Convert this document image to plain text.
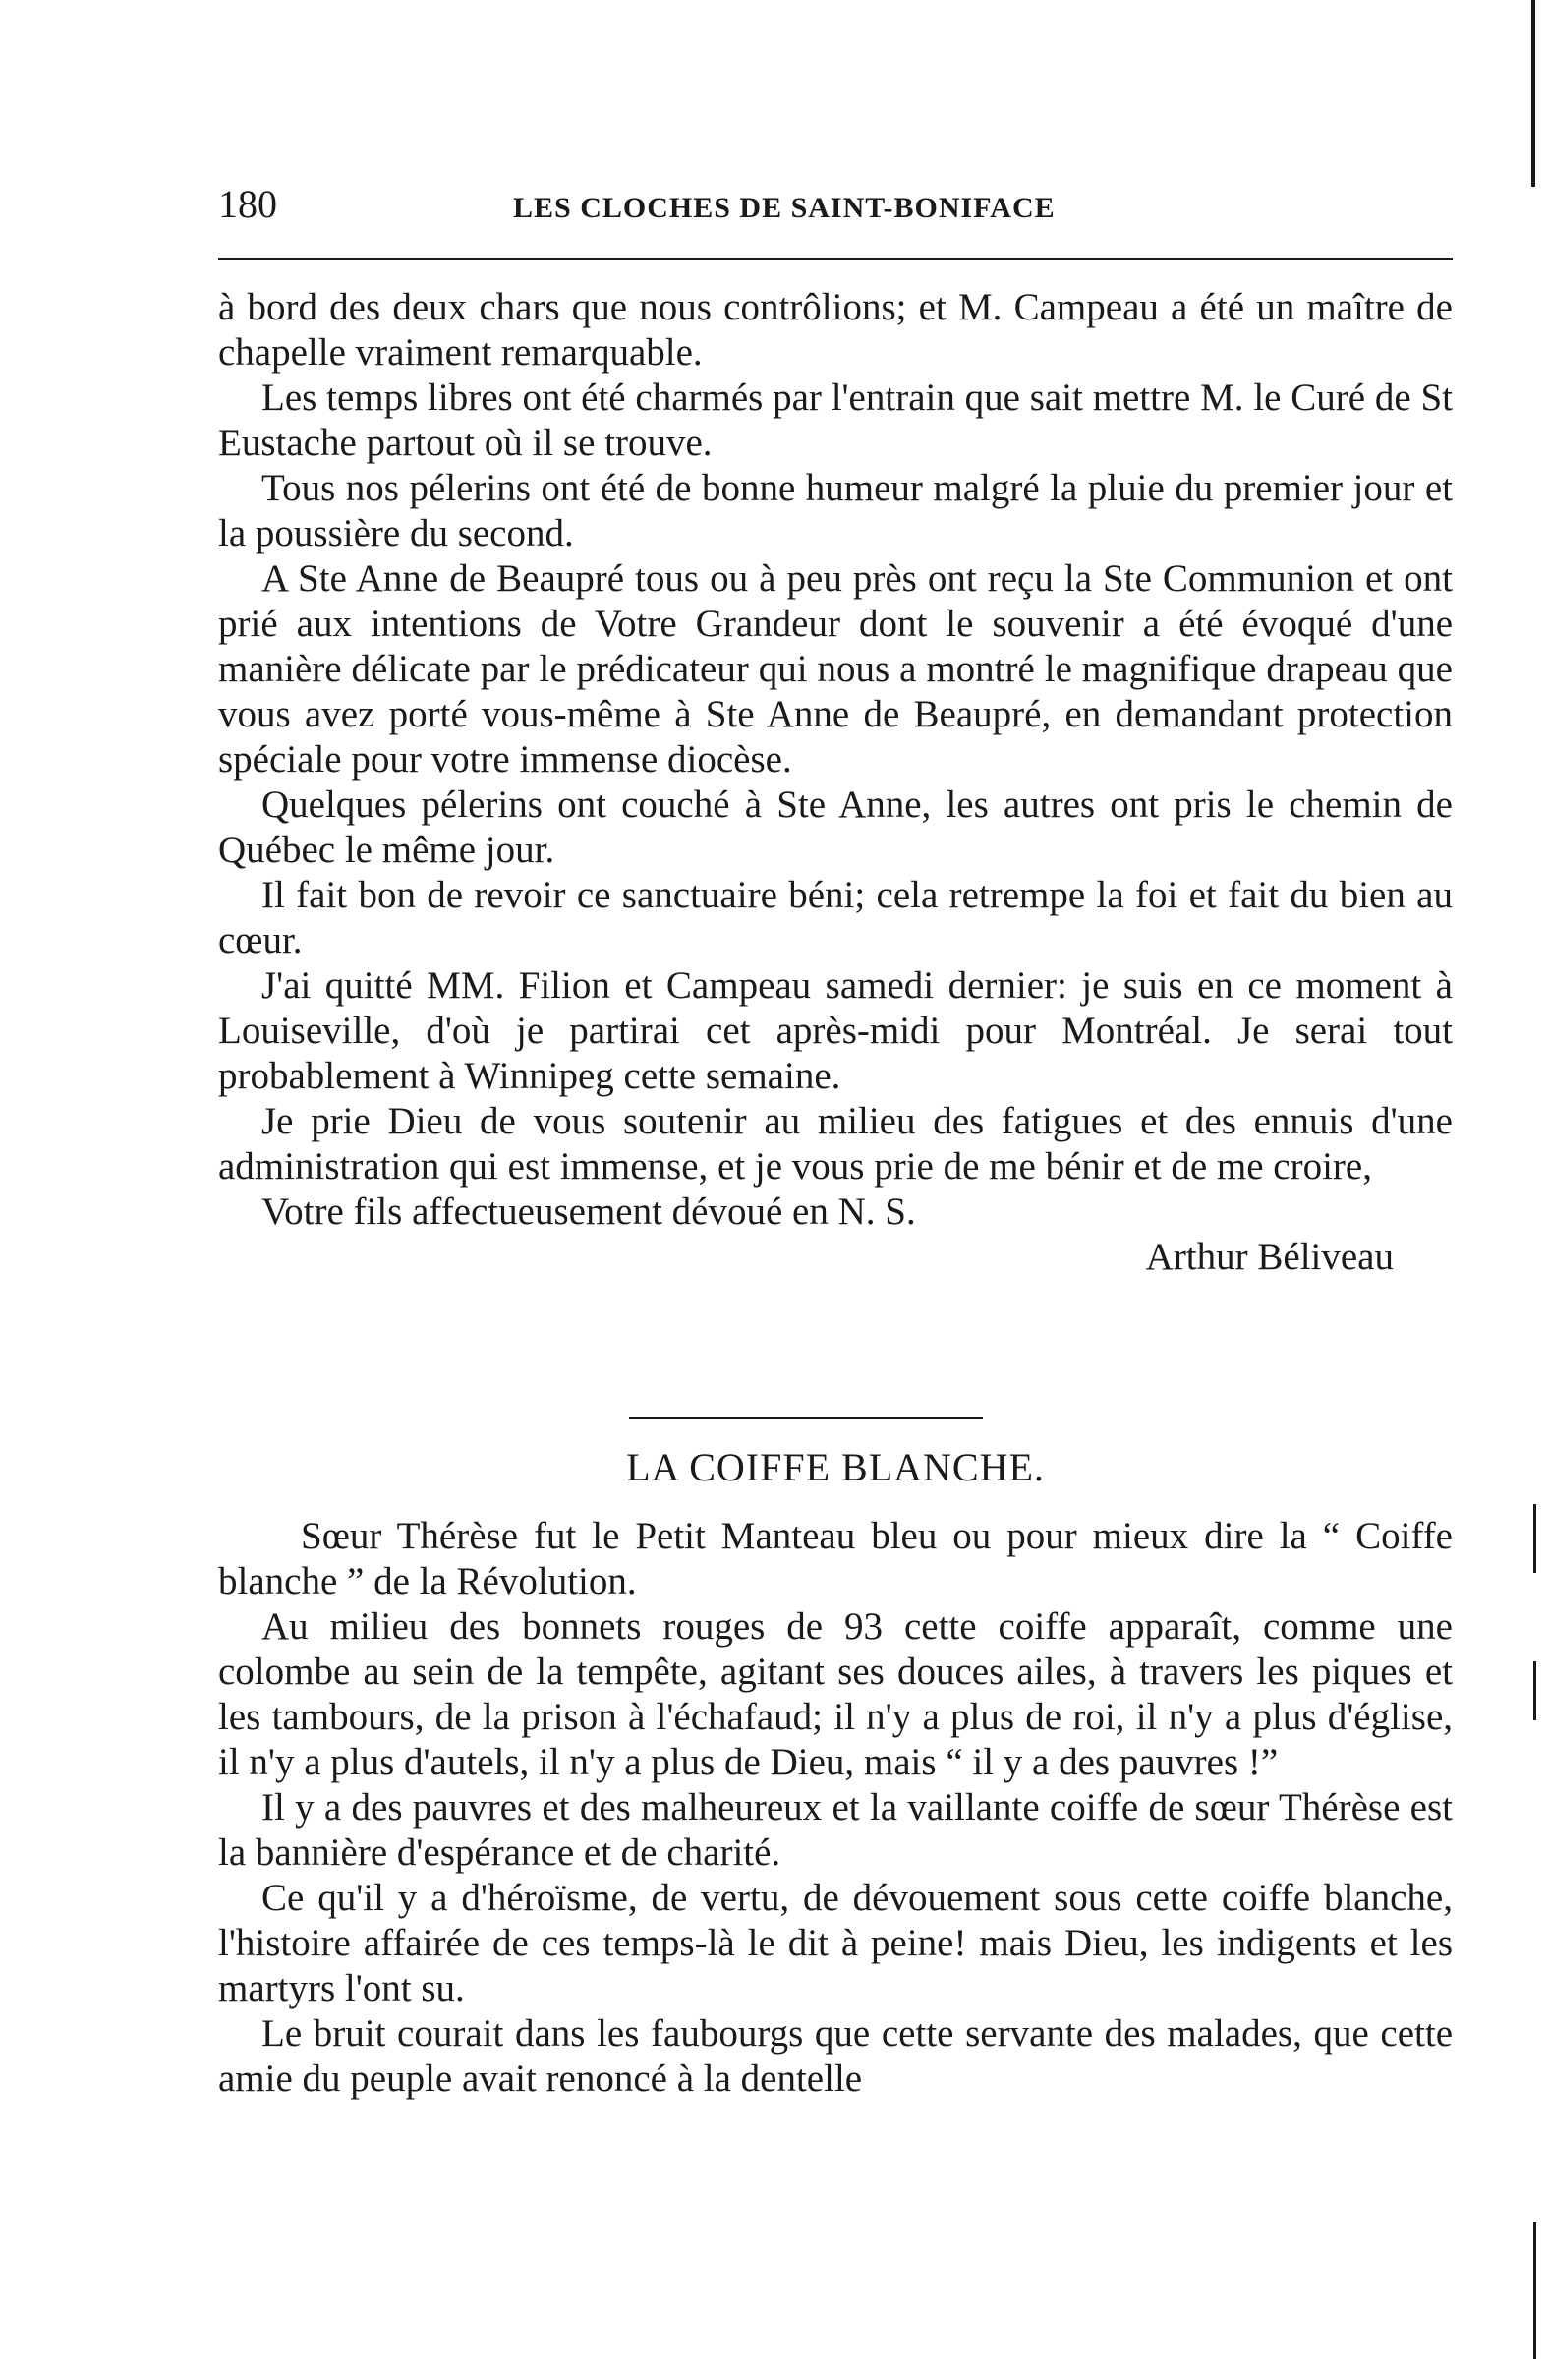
180	LES CLOCHES DE SAINT-BONIFACE

à bord des deux chars que nous contrôlions; et M. Campeau a été un maître de chapelle vraiment remarquable.

Les temps libres ont été charmés par l'entrain que sait mettre M. le Curé de St Eustache partout où il se trouve.

Tous nos pélerins ont été de bonne humeur malgré la pluie du premier jour et la poussière du second.

A Ste Anne de Beaupré tous ou à peu près ont reçu la Ste Communion et ont prié aux intentions de Votre Grandeur dont le souvenir a été évoqué d'une manière délicate par le prédicateur qui nous a montré le magnifique drapeau que vous avez porté vous-même à Ste Anne de Beaupré, en demandant protection spéciale pour votre immense diocèse.

Quelques pélerins ont couché à Ste Anne, les autres ont pris le chemin de Québec le même jour.

Il fait bon de revoir ce sanctuaire béni; cela retrempe la foi et fait du bien au cœur.

J'ai quitté MM. Filion et Campeau samedi dernier: je suis en ce moment à Louiseville, d'où je partirai cet après-midi pour Montréal. Je serai tout probablement à Winnipeg cette semaine.

Je prie Dieu de vous soutenir au milieu des fatigues et des ennuis d'une administration qui est immense, et je vous prie de me bénir et de me croire,

Votre fils affectueusement dévoué en N. S.

Arthur Béliveau

LA COIFFE BLANCHE.

Sœur Thérèse fut le Petit Manteau bleu ou pour mieux dire la “ Coiffe blanche ” de la Révolution.

Au milieu des bonnets rouges de 93 cette coiffe apparaît, comme une colombe au sein de la tempête, agitant ses douces ailes, à travers les piques et les tambours, de la prison à l'échafaud; il n'y a plus de roi, il n'y a plus d'église, il n'y a plus d'autels, il n'y a plus de Dieu, mais “ il y a des pauvres !”

Il y a des pauvres et des malheureux et la vaillante coiffe de sœur Thérèse est la bannière d'espérance et de charité.

Ce qu'il y a d'héroïsme, de vertu, de dévouement sous cette coiffe blanche, l'histoire affairée de ces temps-là le dit à peine! mais Dieu, les indigents et les martyrs l'ont su.

Le bruit courait dans les faubourgs que cette servante des malades, que cette amie du peuple avait renoncé à la dentelle
